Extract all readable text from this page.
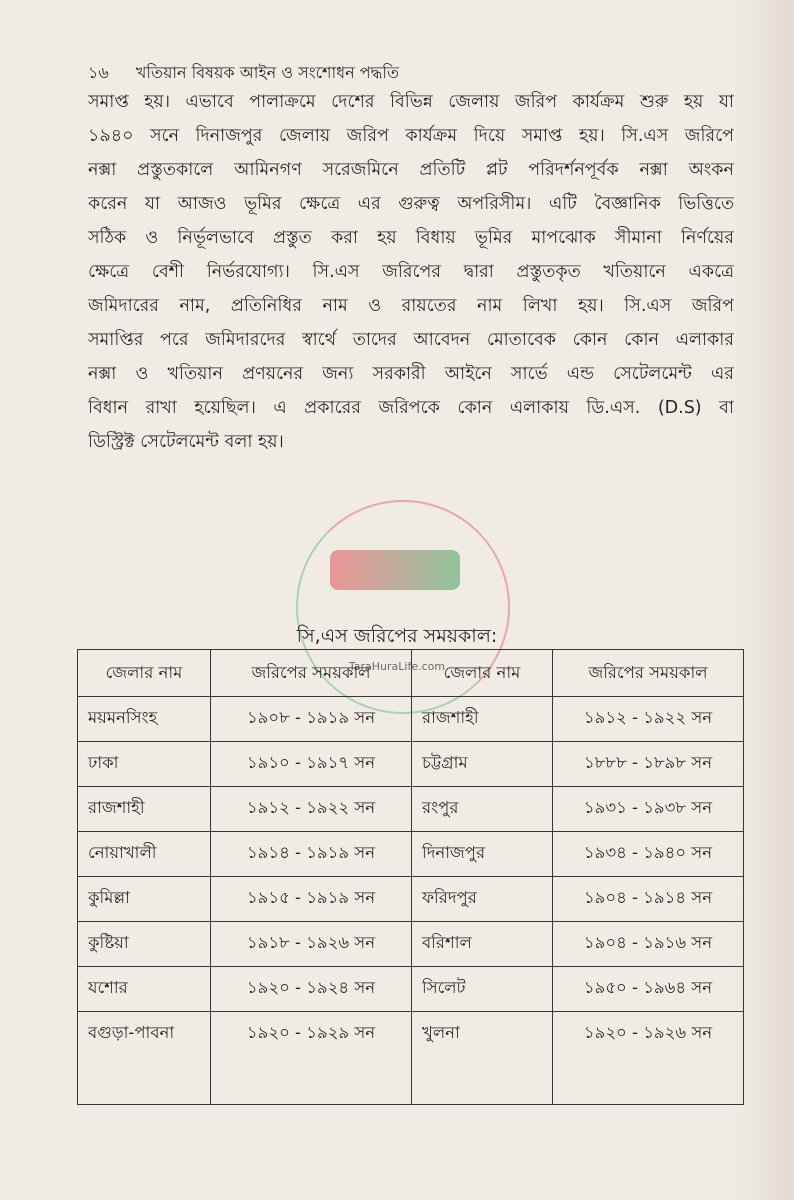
১৬ খতিয়ান বিষয়ক আইন ও সংশোধন পদ্ধতি
সমাপ্ত হয়। এভাবে পালাক্রমে দেশের বিভিন্ন জেলায় জরিপ কার্যক্রম শুরু হয় যা
১৯৪০ সনে দিনাজপুর জেলায় জরিপ কার্যক্রম দিয়ে সমাপ্ত হয়। সি.এস জরিপে
নক্সা প্রস্তুতকালে আমিনগণ সরেজমিনে প্রতিটি প্লট পরিদর্শনপূর্বক নক্সা অংকন
করেন যা আজও ভূমির ক্ষেত্রে এর গুরুত্ব অপরিসীম। এটি বৈজ্ঞানিক ভিত্তিতে
সঠিক ও নির্ভূলভাবে প্রস্তুত করা হয় বিধায় ভূমির মাপঝোক সীমানা নির্ণয়ের
ক্ষেত্রে বেশী নির্ভরযোগ্য। সি.এস জরিপের দ্বারা প্রস্তুতকৃত খতিয়ানে একত্রে
জমিদারের নাম, প্রতিনিধির নাম ও রায়তের নাম লিখা হয়। সি.এস জরিপ
সমাপ্তির পরে জমিদারদের স্বার্থে তাদের আবেদন মোতাবেক কোন কোন এলাকার
নক্সা ও খতিয়ান প্রণয়নের জন্য সরকারী আইনে সার্ভে এন্ড সেটেলমেন্ট এর
বিধান রাখা হয়েছিল। এ প্রকারের জরিপকে কোন এলাকায় ডি.এস. (D.S) বা
ডিস্ট্রিক্ট সেটেলমেন্ট বলা হয়।
TaraHuraLife.com
সি,এস জরিপের সময়কাল:
জেলার নাম	জরিপের সময়কাল	জেলার নাম	জরিপের সময়কাল
ময়মনসিংহ	১৯০৮ - ১৯১৯ সন	রাজশাহী	১৯১২ - ১৯২২ সন
ঢাকা	১৯১০ - ১৯১৭ সন	চট্টগ্রাম	১৮৮৮ - ১৮৯৮ সন
রাজশাহী	১৯১২ - ১৯২২ সন	রংপুর	১৯৩১ - ১৯৩৮ সন
নোয়াখালী	১৯১৪ - ১৯১৯ সন	দিনাজপুর	১৯৩৪ - ১৯৪০ সন
কুমিল্লা	১৯১৫ - ১৯১৯ সন	ফরিদপুর	১৯০৪ - ১৯১৪ সন
কুষ্টিয়া	১৯১৮ - ১৯২৬ সন	বরিশাল	১৯০৪ - ১৯১৬ সন
যশোর	১৯২০ - ১৯২৪ সন	সিলেট	১৯৫০ - ১৯৬৪ সন
বগুড়া-পাবনা	১৯২০ - ১৯২৯ সন	খুলনা	১৯২০ - ১৯২৬ সন
